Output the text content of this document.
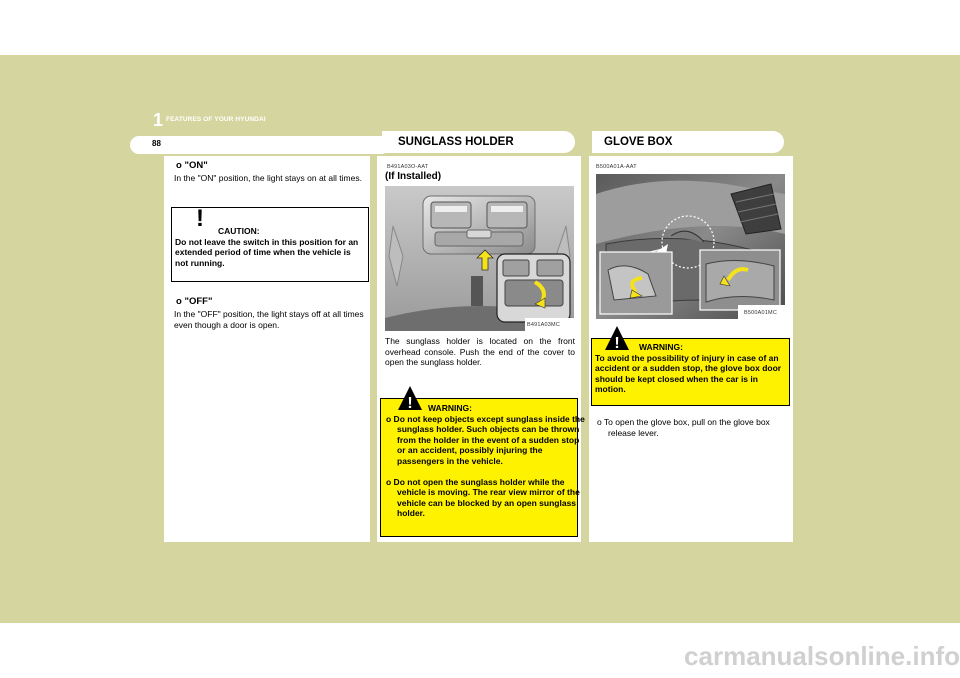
1 FEATURES OF YOUR HYUNDAI
88	SUNGLASS HOLDER	GLOVE BOX
o "ON"
In the "ON" position, the light stays on at all times.
! CAUTION:
Do not leave the switch in this position for an extended period of time when the vehicle is not running.
o "OFF"
In the "OFF" position, the light stays off at all times even though a door is open.
B491A03O-AAT
(If Installed)
B491A03MC
The sunglass holder is located on the front overhead console. Push the end of the cover to open the sunglass holder.
! WARNING:
o Do not keep objects except sunglass inside the sunglass holder. Such objects can be thrown from the holder in the event of a sudden stop or an accident, possibly injuring the passengers in the vehicle.
o Do not open the sunglass holder while the vehicle is moving. The rear view mirror of the vehicle can be blocked by an open sunglass holder.
B500A01A-AAT
B500A01MC
! WARNING:
To avoid the possibility of injury in case of an accident or a sudden stop, the glove box door should be kept closed when the car is in motion.
o To open the glove box, pull on the glove box release lever.
carmanualsonline.info
